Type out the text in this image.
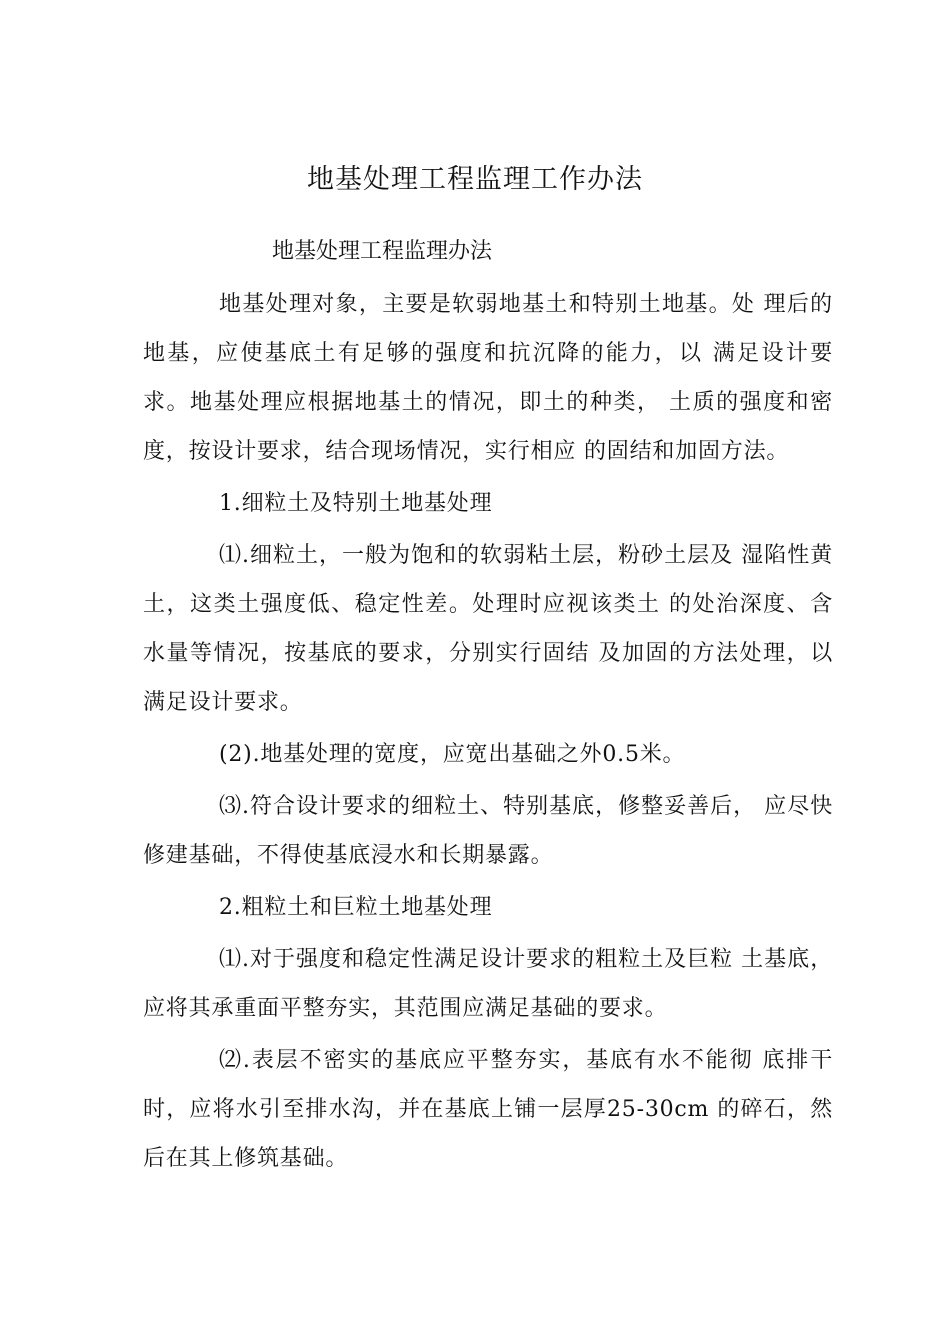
地基处理工程监理工作办法
地基处理工程监理办法

地基处理对象，主要是软弱地基土和特别土地基。处 理后的地基，应使基底土有足够的强度和抗沉降的能力，以 满足设计要求。地基处理应根据地基土的情况，即土的种类， 土质的强度和密度，按设计要求，结合现场情况，实行相应 的固结和加固方法。

1.细粒土及特别土地基处理

⑴.细粒土，一般为饱和的软弱粘土层，粉砂土层及 湿陷性黄土，这类土强度低、稳定性差。处理时应视该类土 的处治深度、含水量等情况，按基底的要求，分别实行固结 及加固的方法处理，以满足设计要求。

(2).地基处理的宽度，应宽出基础之外0.5米。

⑶.符合设计要求的细粒土、特别基底，修整妥善后， 应尽快修建基础，不得使基底浸水和长期暴露。

2.粗粒土和巨粒土地基处理

⑴.对于强度和稳定性满足设计要求的粗粒土及巨粒 土基底，应将其承重面平整夯实，其范围应满足基础的要求。

⑵.表层不密实的基底应平整夯实，基底有水不能彻 底排干时，应将水引至排水沟，并在基底上铺一层厚25-30cm 的碎石，然后在其上修筑基础。
